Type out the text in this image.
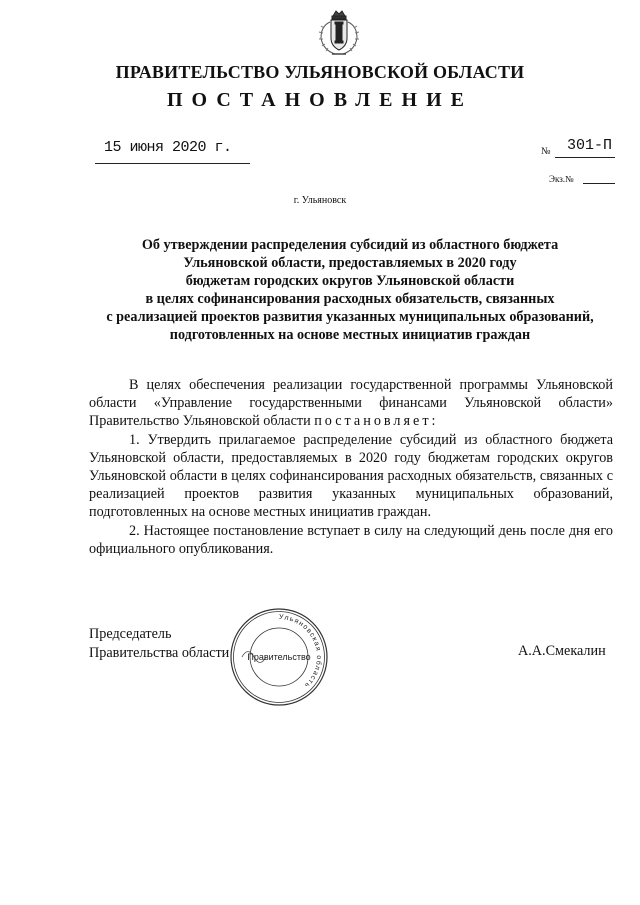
ПРАВИТЕЛЬСТВО УЛЬЯНОВСКОЙ ОБЛАСТИ
ПОСТАНОВЛЕНИЕ
15 июня 2020 г.	№ 301-П
Экз.№
г. Ульяновск
Об утверждении распределения субсидий из областного бюджета
Ульяновской области, предоставляемых в 2020 году
бюджетам городских округов Ульяновской области
в целях софинансирования расходных обязательств, связанных
с реализацией проектов развития указанных муниципальных образований,
подготовленных на основе местных инициатив граждан

В целях обеспечения реализации государственной программы Ульяновской области «Управление государственными финансами Ульяновской области» Правительство Ульяновской области постановляет:

1. Утвердить прилагаемое распределение субсидий из областного бюджета Ульяновской области, предоставляемых в 2020 году бюджетам городских округов Ульяновской области в целях софинансирования расходных обязательств, связанных с реализацией проектов развития указанных муниципальных образований, подготовленных на основе местных инициатив граждан.

2. Настоящее постановление вступает в силу на следующий день после дня его официального опубликования.

Председатель
Правительства области	А.А.Смекалин
Ульяновская область
Правительство
